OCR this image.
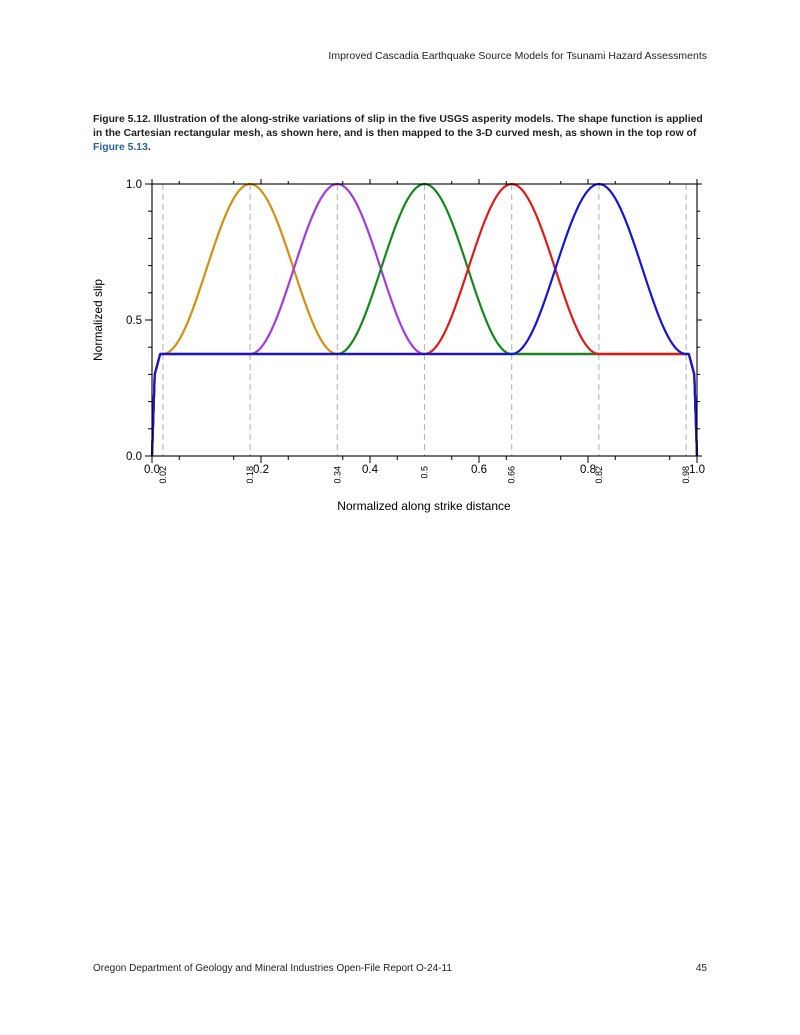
Improved Cascadia Earthquake Source Models for Tsunami Hazard Assessments
Figure 5.12. Illustration of the along-strike variations of slip in the five USGS asperity models. The shape function is applied in the Cartesian rectangular mesh, as shown here, and is then mapped to the 3-D curved mesh, as shown in the top row of Figure 5.13.
0.02	0.18	0.34	0.5	0.66	0.82	0.98
0.0	0.2	0.4	0.6	0.8	1.0
0.0
0.5
1.0
Normalized along strike distance
Normalized slip
Oregon Department of Geology and Mineral Industries Open-File Report O-24-11	45
